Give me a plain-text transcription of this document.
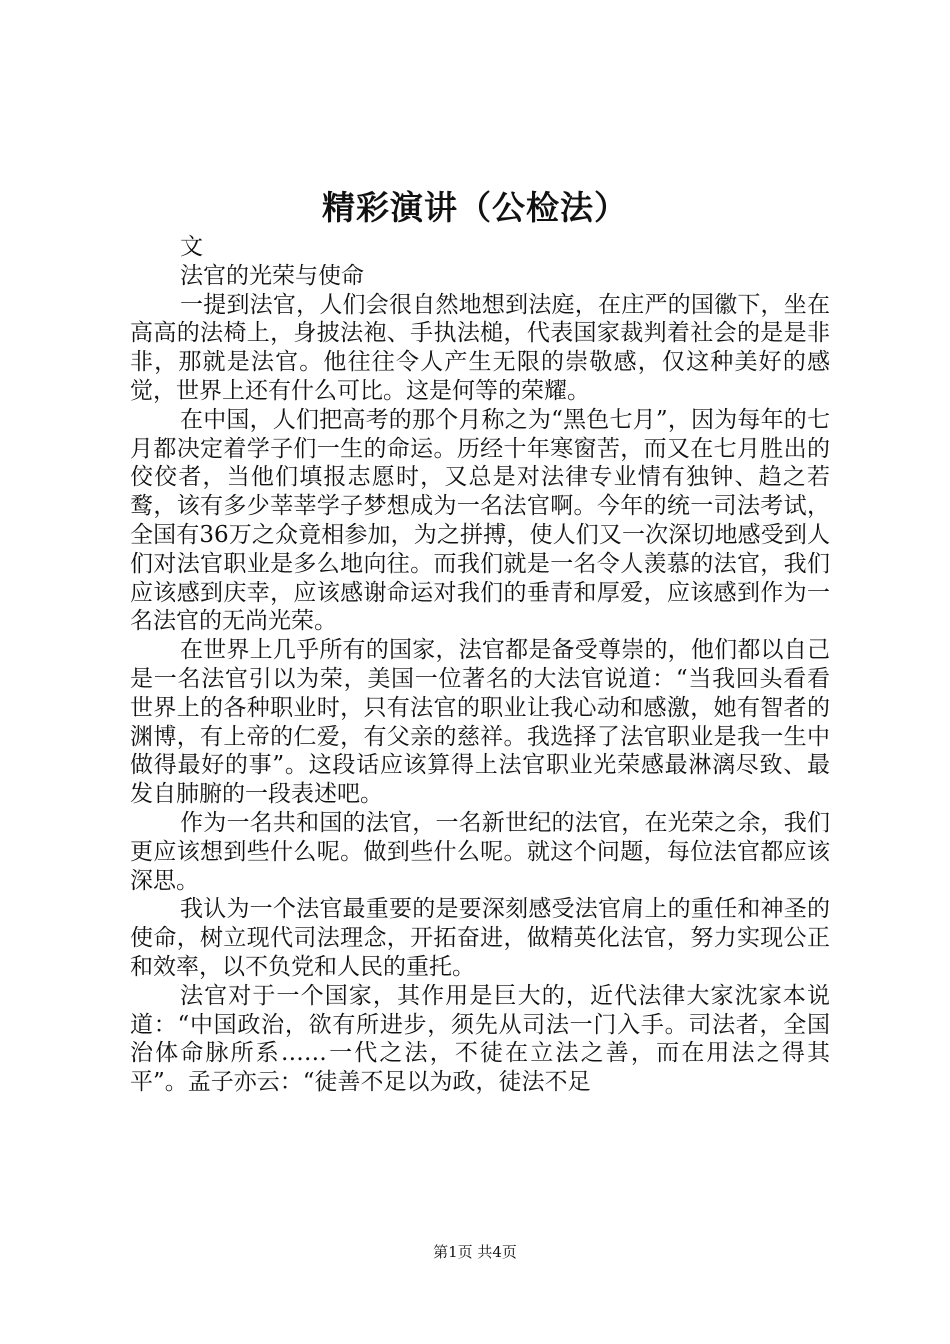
精彩演讲（公检法）

文

法官的光荣与使命

一提到法官，人们会很自然地想到法庭，在庄严的国徽下，坐在高高的法椅上，身披法袍、手执法槌，代表国家裁判着社会的是是非非，那就是法官。他往往令人产生无限的崇敬感，仅这种美好的感觉，世界上还有什么可比。这是何等的荣耀。

在中国，人们把高考的那个月称之为“黑色七月”，因为每年的七月都决定着学子们一生的命运。历经十年寒窗苦，而又在七月胜出的佼佼者，当他们填报志愿时，又总是对法律专业情有独钟、趋之若鹜，该有多少莘莘学子梦想成为一名法官啊。今年的统一司法考试，全国有36万之众竟相参加，为之拼搏，使人们又一次深切地感受到人们对法官职业是多么地向往。而我们就是一名令人羡慕的法官，我们应该感到庆幸，应该感谢命运对我们的垂青和厚爱，应该感到作为一名法官的无尚光荣。

在世界上几乎所有的国家，法官都是备受尊崇的，他们都以自己是一名法官引以为荣，美国一位著名的大法官说道：“当我回头看看世界上的各种职业时，只有法官的职业让我心动和感激，她有智者的渊博，有上帝的仁爱，有父亲的慈祥。我选择了法官职业是我一生中做得最好的事”。这段话应该算得上法官职业光荣感最淋漓尽致、最发自肺腑的一段表述吧。

作为一名共和国的法官，一名新世纪的法官，在光荣之余，我们更应该想到些什么呢。做到些什么呢。就这个问题，每位法官都应该深思。

我认为一个法官最重要的是要深刻感受法官肩上的重任和神圣的使命，树立现代司法理念，开拓奋进，做精英化法官，努力实现公正和效率，以不负党和人民的重托。

法官对于一个国家，其作用是巨大的，近代法律大家沈家本说道：“中国政治，欲有所进步，须先从司法一门入手。司法者，全国治体命脉所系……一代之法，不徒在立法之善，而在用法之得其平”。孟子亦云：“徒善不足以为政，徒法不足

第1页 共4页
